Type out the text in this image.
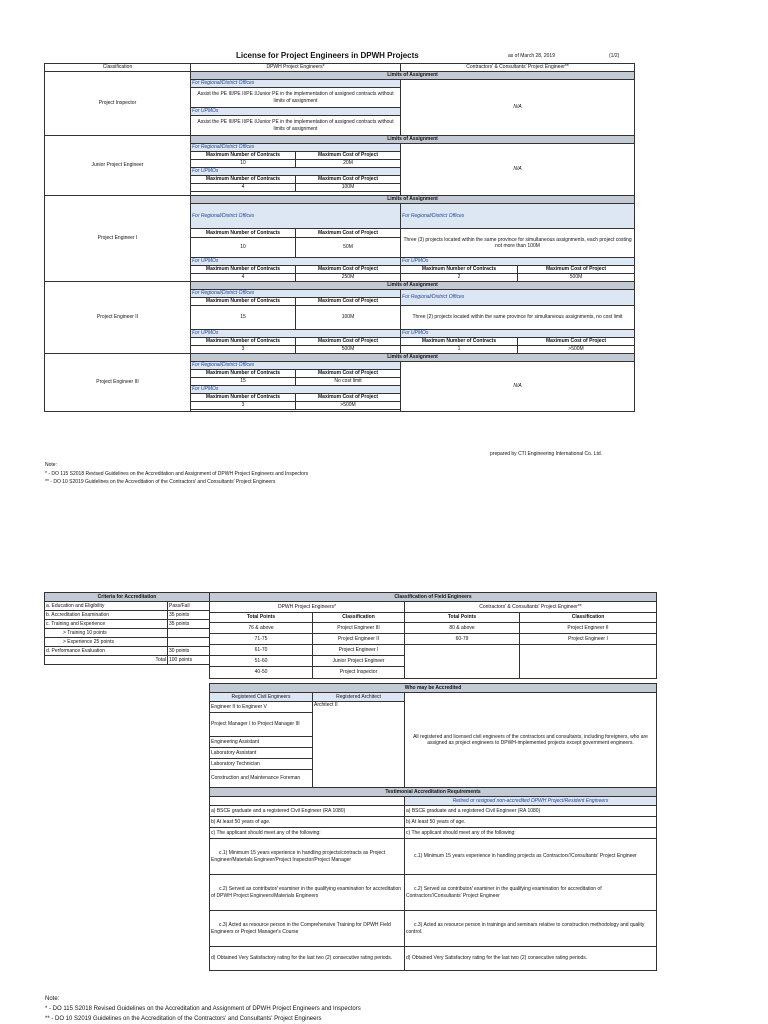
License for Project Engineers in DPWH Projects	as of March 28, 2019	(1/2)
Classification	DPWH Project Engineers*		Contractors' & Consultants' Project Engineer**	
Project Inspector	Limits of Assignment			
	For Regional/District Offices		N/A	
	Assist the PE III/PE II/PE I/Junior PE in the implementation of assigned contracts without limits of assignment			
	For UPMOs			
	Assist the PE III/PE II/PE I/Junior PE in the implementation of assigned contracts without limits of assignment			
Junior Project Engineer	Limits of Assignment			
	For Regional/District Offices		N/A	
	Maximum Number of Contracts	Maximum Cost of Project		
	10	20M		
	For UPMOs			
	Maximum Number of Contracts	Maximum Cost of Project		
	4	100M		

Project Engineer I	Limits of Assignment			
	For Regional/District Offices		For Regional/District Offices	
	Maximum Number of Contracts	Maximum Cost of Project	Three (3) projects located within the same province for simultaneous assignments, each project costing not more than 100M	
	10	50M		
	For UPMOs		For UPMOs	
	Maximum Number of Contracts	Maximum Cost of Project	Maximum Number of Contracts	Maximum Cost of Project
	4	250M	2	500M
Project Engineer II	Limits of Assignment			
	For Regional/District Offices		For Regional/District Offices	
	Maximum Number of Contracts	Maximum Cost of Project		
	15	100M	Three (2) projects located within the same province for simultaneous assignments, no cost limit	
	For UPMOs		For UPMOs	
	Maximum Number of Contracts	Maximum Cost of Project	Maximum Number of Contracts	Maximum Cost of Project
	3	500M	1	>500M
Project Engineer III	Limits of Assignment			
	For Regional/District Offices		N/A	
	Maximum Number of Contracts	Maximum Cost of Project		
	15	No cost limit		
	For UPMOs			
	Maximum Number of Contracts	Maximum Cost of Project		
	3	>500M		

prepared by CTI Engineering International Co. Ltd.
Note:
* - DO 115 S2018 Revised Guidelines on the Accreditation and Assignment of DPWH Project Engineers and Inspectors
** - DO 10 S2019 Guidelines on the Accreditation of the Contractors' and Consultants' Project Engineers
Criteria for Accreditation	
a. Education and Eligibility	Pass/Fail
b. Accreditation Examination	35 points
c. Training and Experience	35 points
> Training 10 points	
> Experience 25 points	
d. Performance Evaluation	30 points
Total	100 points
Classification of Field Engineers			
DPWH Project Engineers*		Contractors' & Consultants' Project Engineer**	
Total Points	Classification	Total Points	Classification
76 & above	Project Engineer III	80 & above	Project Engineer II
71-75	Project Engineer II	60-79	Project Engineer I
61-70	Project Engineer I		
51-60	Junior Project Engineer		
40-50	Project Inspector		
Who may be Accredited		
Registered Civil Engineers	Registered Architect	All registered and licensed civil engineers of the contractors and consultants, including foreigners, who are assigned as project engineers to DPWH-implemented projects except government engineers.
Engineer II to Engineer V	Architect II	
Project Manager I to Project Manager III		
Engineering Assistant		
Laboratory Assistant		
Laboratory Technician		
Construction and Maintenance Foreman		
Testimonial Accreditation Requirements		
		Retired or resigned non-accredited DPWH Project/Resident Engineers
a) BSCE graduate and a registered Civil Engineer (RA 1080)		a) BSCE graduate and a registered Civil Engineer (RA 1080)
b) At least 50 years of age.		b) At least 50 years of age.
c) The applicant should meet any of the following:		c) The applicant should meet any of the following:
c.1) Minimum 15 years experience in handling projects/contracts as Project Engineer/Materials Engineer/Project Inspector/Project Manager		c.1) Minimum 15 years experience in handling projects as Contractors'/Consultants' Project Engineer
c.2) Served as contributor/ examiner in the qualifying examination for accreditation of DPWH Project Engineers/Materials Engineers		c.2) Served as contributor/ examiner in the qualifying examination for accreditation of Contractors'/Consultants' Project Engineer
c.3) Acted as resource person in the Comprehensive Training for DPWH Field Engineers or Project Manager's Course		c.3) Acted as resource person in trainings and seminars relative to construction methodology and quality control.
d) Obtained Very Satisfactory rating for the last two (2) consecutive rating periods.		d) Obtained Very Satisfactory rating for the last two (2) consecutive rating periods.
Note:
* - DO 115 S2018 Revised Guidelines on the Accreditation and Assignment of DPWH Project Engineers and Inspectors
** - DO 10 S2019 Guidelines on the Accreditation of the Contractors' and Consultants' Project Engineers
